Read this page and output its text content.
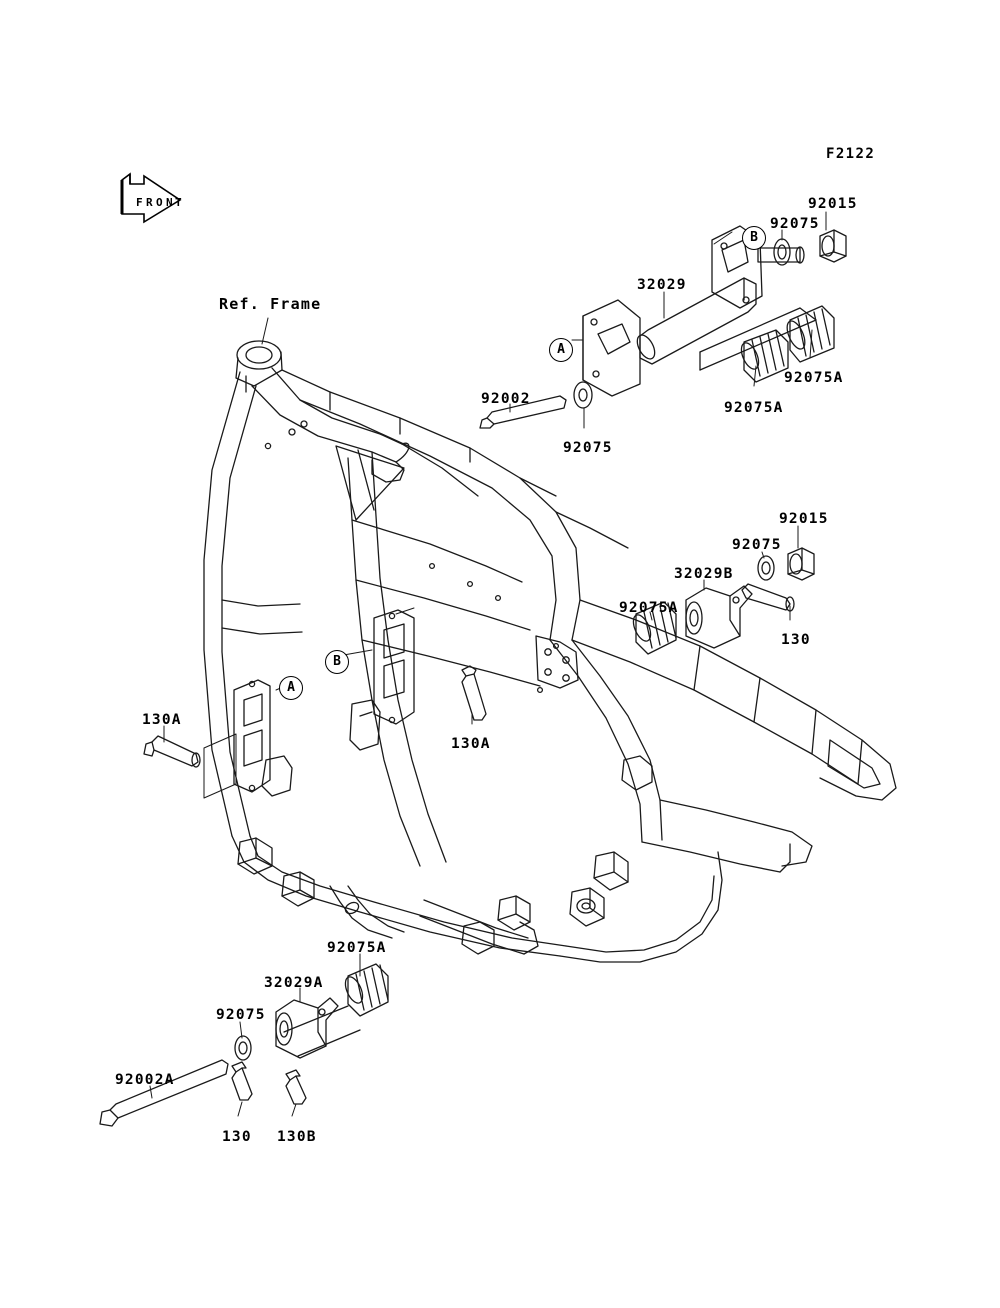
F R O N T
F2122
Ref. Frame
A
B
A
B
92015
92075
32029
92075A
92075A
92002
92075
92015
92075
32029B
92075A
130
130A
130A
92075A
32029A
92075
92002A
130 130B
